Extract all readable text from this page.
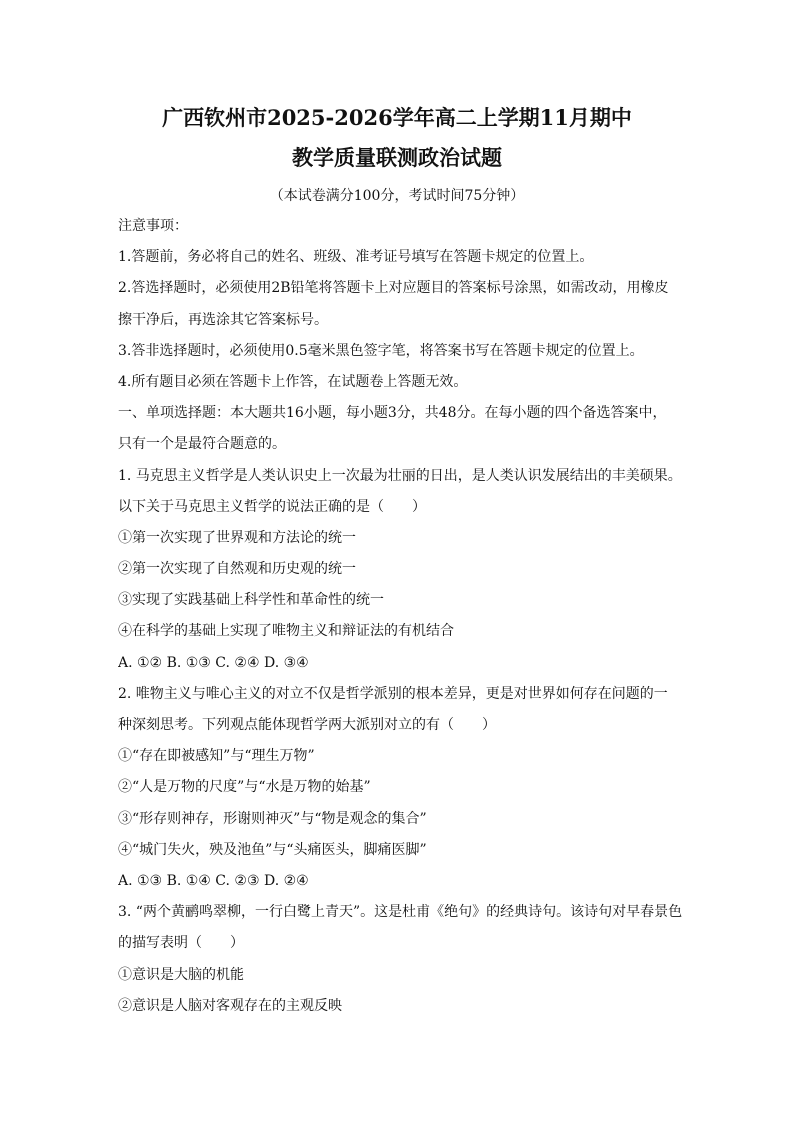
广西钦州市2025-2026学年高二上学期11月期中
教学质量联测政治试题
（本试卷满分100分，考试时间75分钟）
注意事项：
1.答题前，务必将自己的姓名、班级、准考证号填写在答题卡规定的位置上。
2.答选择题时，必须使用2B铅笔将答题卡上对应题目的答案标号涂黑，如需改动，用橡皮
擦干净后，再选涂其它答案标号。
3.答非选择题时，必须使用0.5毫米黑色签字笔，将答案书写在答题卡规定的位置上。
4.所有题目必须在答题卡上作答，在试题卷上答题无效。
一、单项选择题：本大题共16小题，每小题3分，共48分。在每小题的四个备选答案中，
只有一个是最符合题意的。
1. 马克思主义哲学是人类认识史上一次最为壮丽的日出，是人类认识发展结出的丰美硕果。
以下关于马克思主义哲学的说法正确的是（　　）
①第一次实现了世界观和方法论的统一
②第一次实现了自然观和历史观的统一
③实现了实践基础上科学性和革命性的统一
④在科学的基础上实现了唯物主义和辩证法的有机结合
A. ①② B. ①③ C. ②④ D. ③④
2. 唯物主义与唯心主义的对立不仅是哲学派别的根本差异，更是对世界如何存在问题的一
种深刻思考。下列观点能体现哲学两大派别对立的有（　　）
①“存在即被感知”与“理生万物”
②“人是万物的尺度”与“水是万物的始基”
③“形存则神存，形谢则神灭”与“物是观念的集合”
④“城门失火，殃及池鱼”与“头痛医头，脚痛医脚”
A. ①③ B. ①④ C. ②③ D. ②④
3. “两个黄鹂鸣翠柳，一行白鹭上青天”。这是杜甫《绝句》的经典诗句。该诗句对早春景色
的描写表明（　　）
①意识是大脑的机能
②意识是人脑对客观存在的主观反映
